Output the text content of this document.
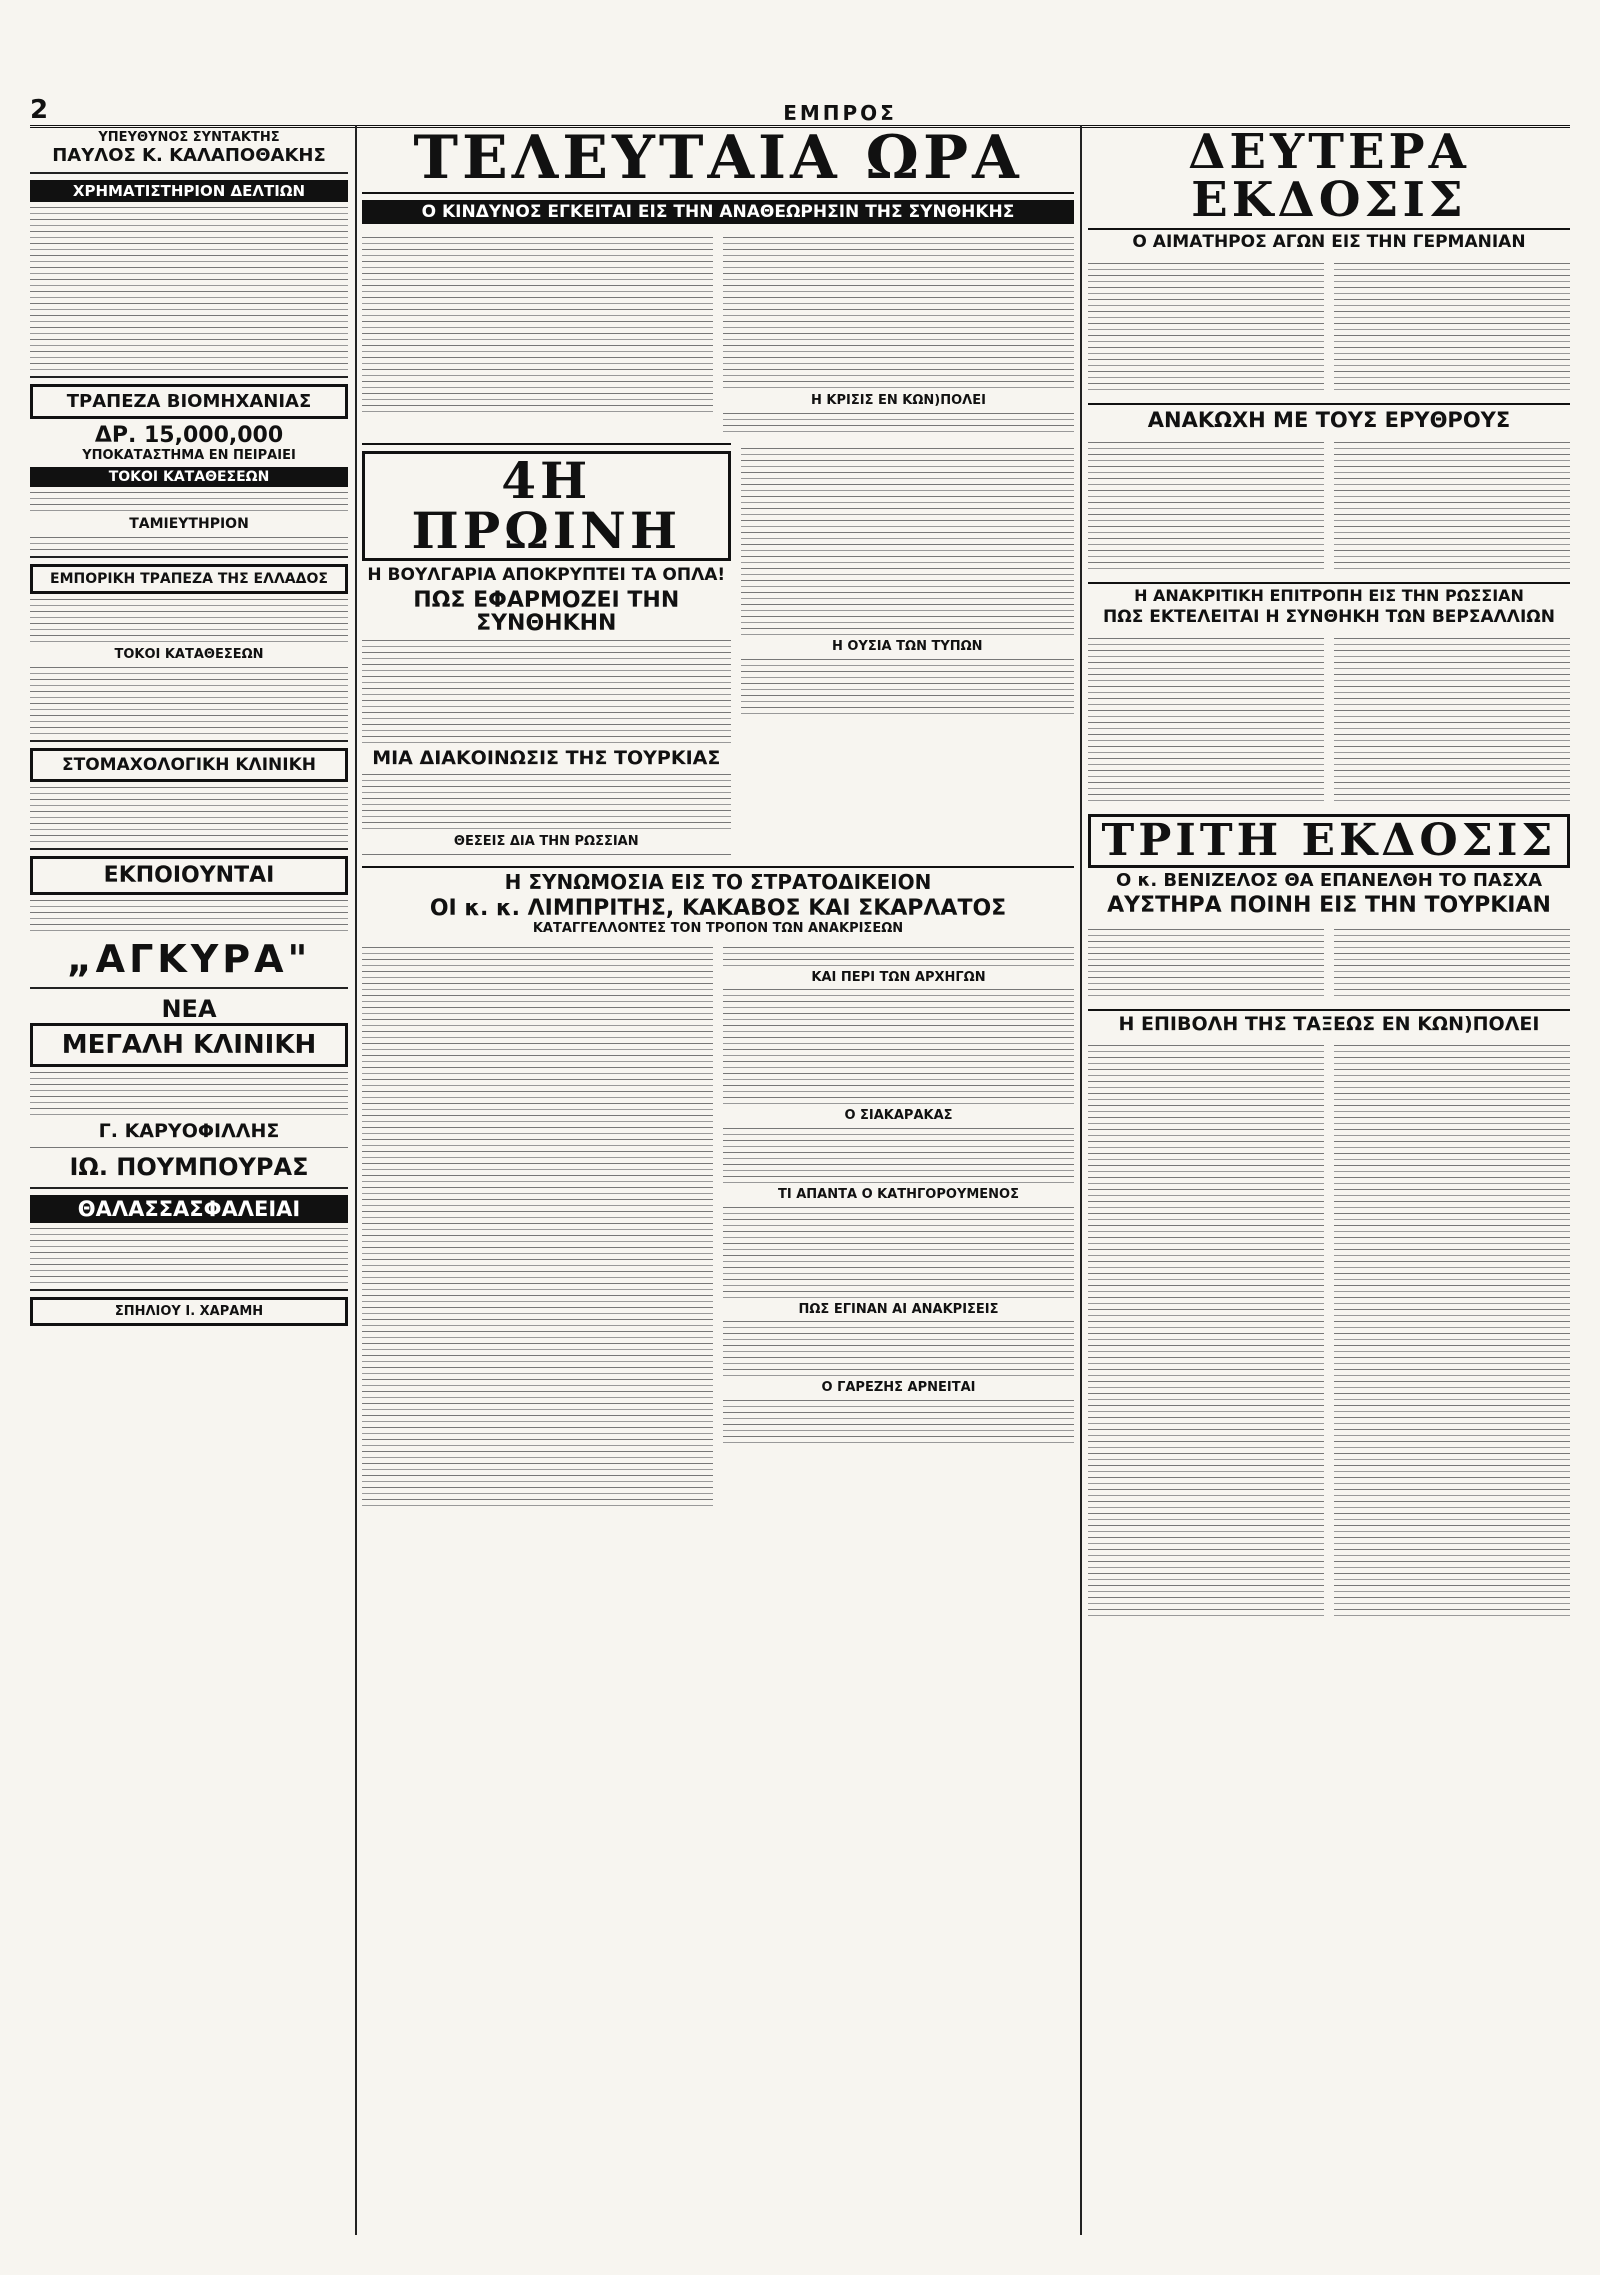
2	ΕΜΠΡΟΣ
ΥΠΕΥΘΥΝΟΣ ΣΥΝΤΑΚΤΗΣ
ΠΑΥΛΟΣ Κ. ΚΑΛΑΠΟΘΑΚΗΣ
ΧΡΗΜΑΤΙΣΤΗΡΙΟΝ ΔΕΛΤΙΩΝ
ΤΡΑΠΕΖΑ ΒΙΟΜΗΧΑΝΙΑΣ
ΔΡ. 15,000,000
ΥΠΟΚΑΤΑΣΤΗΜΑ ΕΝ ΠΕΙΡΑΙΕΙ
ΤΟΚΟΙ ΚΑΤΑΘΕΣΕΩΝ
ΤΑΜΙΕΥΤΗΡΙΟΝ
ΕΜΠΟΡΙΚΗ ΤΡΑΠΕΖΑ ΤΗΣ ΕΛΛΑΔΟΣ
ΤΟΚΟΙ ΚΑΤΑΘΕΣΕΩΝ
ΣΤΟΜΑΧΟΛΟΓΙΚΗ ΚΛΙΝΙΚΗ
ΕΚΠΟΙΟΥΝΤΑΙ
„ΑΓΚΥΡΑ"
ΝΕΑ
ΜΕΓΑΛΗ ΚΛΙΝΙΚΗ
Γ. ΚΑΡΥΟΦΙΛΛΗΣ
ΙΩ. ΠΟΥΜΠΟΥΡΑΣ
ΘΑΛΑΣΣΑΣΦΑΛΕΙΑΙ
ΣΠΗΛΙΟΥ Ι. ΧΑΡΑΜΗ
ΤΕΛΕΥΤΑΙΑ ΩΡΑ
Ο ΚΙΝΔΥΝΟΣ ΕΓΚΕΙΤΑΙ ΕΙΣ ΤΗΝ ΑΝΑΘΕΩΡΗΣΙΝ ΤΗΣ ΣΥΝΘΗΚΗΣ
Η ΚΡΙΣΙΣ ΕΝ ΚΩΝ)ΠΟΛΕΙ
4Η ΠΡΩΙΝΗ
Η ΒΟΥΛΓΑΡΙΑ ΑΠΟΚΡΥΠΤΕΙ ΤΑ ΟΠΛΑ!
ΠΩΣ ΕΦΑΡΜΟΖΕΙ ΤΗΝ ΣΥΝΘΗΚΗΝ
ΜΙΑ ΔΙΑΚΟΙΝΩΣΙΣ ΤΗΣ ΤΟΥΡΚΙΑΣ
ΘΕΣΕΙΣ ΔΙΑ ΤΗΝ ΡΩΣΣΙΑΝ
Η ΟΥΣΙΑ ΤΩΝ ΤΥΠΩΝ
Η ΣΥΝΩΜΟΣΙΑ ΕΙΣ ΤΟ ΣΤΡΑΤΟΔΙΚΕΙΟΝ
ΟΙ κ. κ. ΛΙΜΠΡΙΤΗΣ, ΚΑΚΑΒΟΣ ΚΑΙ ΣΚΑΡΛΑΤΟΣ
ΚΑΤΑΓΓΕΛΛΟΝΤΕΣ ΤΟΝ ΤΡΟΠΟΝ ΤΩΝ ΑΝΑΚΡΙΣΕΩΝ
ΚΑΙ ΠΕΡΙ ΤΩΝ ΑΡΧΗΓΩΝ
Ο ΣΙΑΚΑΡΑΚΑΣ
ΤΙ ΑΠΑΝΤΑ Ο ΚΑΤΗΓΟΡΟΥΜΕΝΟΣ
ΠΩΣ ΕΓΙΝΑΝ ΑΙ ΑΝΑΚΡΙΣΕΙΣ
Ο ΓΑΡΕΖΗΣ ΑΡΝΕΙΤΑΙ
ΔΕΥΤΕΡΑ ΕΚΔΟΣΙΣ
Ο ΑΙΜΑΤΗΡΟΣ ΑΓΩΝ ΕΙΣ ΤΗΝ ΓΕΡΜΑΝΙΑΝ
ΑΝΑΚΩΧΗ ΜΕ ΤΟΥΣ ΕΡΥΘΡΟΥΣ
Η ΑΝΑΚΡΙΤΙΚΗ ΕΠΙΤΡΟΠΗ ΕΙΣ ΤΗΝ ΡΩΣΣΙΑΝ
ΠΩΣ ΕΚΤΕΛΕΙΤΑΙ Η ΣΥΝΘΗΚΗ ΤΩΝ ΒΕΡΣΑΛΛΙΩΝ
ΤΡΙΤΗ ΕΚΔΟΣΙΣ
Ο κ. ΒΕΝΙΖΕΛΟΣ ΘΑ ΕΠΑΝΕΛΘΗ ΤΟ ΠΑΣΧΑ
ΑΥΣΤΗΡΑ ΠΟΙΝΗ ΕΙΣ ΤΗΝ ΤΟΥΡΚΙΑΝ
Η ΕΠΙΒΟΛΗ ΤΗΣ ΤΑΞΕΩΣ ΕΝ ΚΩΝ)ΠΟΛΕΙ
